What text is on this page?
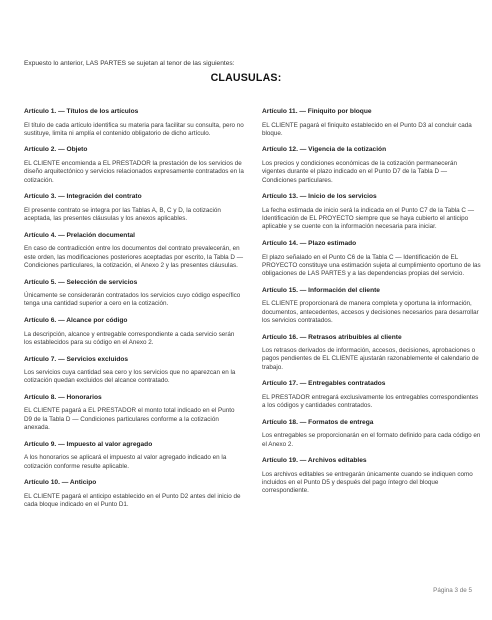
Expuesto lo anterior, LAS PARTES se sujetan al tenor de las siguientes:
CLAUSULAS:
Artículo 1. — Títulos de los artículos

El título de cada artículo identifica su materia para facilitar su consulta, pero no sustituye, limita ni amplía el contenido obligatorio de dicho artículo.

Artículo 2. — Objeto

EL CLIENTE encomienda a EL PRESTADOR la prestación de los servicios de diseño arquitectónico y servicios relacionados expresamente contratados en la cotización.

Artículo 3. — Integración del contrato

El presente contrato se integra por las Tablas A, B, C y D, la cotización aceptada, las presentes cláusulas y los anexos aplicables.

Artículo 4. — Prelación documental

En caso de contradicción entre los documentos del contrato prevalecerán, en este orden, las modificaciones posteriores aceptadas por escrito, la Tabla D — Condiciones particulares, la cotización, el Anexo 2 y las presentes cláusulas.

Artículo 5. — Selección de servicios

Únicamente se considerarán contratados los servicios cuyo código específico tenga una cantidad superior a cero en la cotización.

Artículo 6. — Alcance por código

La descripción, alcance y entregable correspondiente a cada servicio serán los establecidos para su código en el Anexo 2.

Artículo 7. — Servicios excluidos

Los servicios cuya cantidad sea cero y los servicios que no aparezcan en la cotización quedan excluidos del alcance contratado.

Artículo 8. — Honorarios

EL CLIENTE pagará a EL PRESTADOR el monto total indicado en el Punto D9 de la Tabla D — Condiciones particulares conforme a la cotización anexada.

Artículo 9. — Impuesto al valor agregado

A los honorarios se aplicará el impuesto al valor agregado indicado en la cotización conforme resulte aplicable.

Artículo 10. — Anticipo

EL CLIENTE pagará el anticipo establecido en el Punto D2 antes del inicio de cada bloque indicado en el Punto D1.

Artículo 11. — Finiquito por bloque

EL CLIENTE pagará el finiquito establecido en el Punto D3 al concluir cada bloque.

Artículo 12. — Vigencia de la cotización

Los precios y condiciones económicas de la cotización permanecerán vigentes durante el plazo indicado en el Punto D7 de la Tabla D — Condiciones particulares.

Artículo 13. — Inicio de los servicios

La fecha estimada de inicio será la indicada en el Punto C7 de la Tabla C — Identificación de EL PROYECTO siempre que se haya cubierto el anticipo aplicable y se cuente con la información necesaria para iniciar.

Artículo 14. — Plazo estimado

El plazo señalado en el Punto C6 de la Tabla C — Identificación de EL PROYECTO constituye una estimación sujeta al cumplimiento oportuno de las obligaciones de LAS PARTES y a las dependencias propias del servicio.

Artículo 15. — Información del cliente

EL CLIENTE proporcionará de manera completa y oportuna la información, documentos, antecedentes, accesos y decisiones necesarios para desarrollar los servicios contratados.

Artículo 16. — Retrasos atribuibles al cliente

Los retrasos derivados de información, accesos, decisiones, aprobaciones o pagos pendientes de EL CLIENTE ajustarán razonablemente el calendario de trabajo.

Artículo 17. — Entregables contratados

EL PRESTADOR entregará exclusivamente los entregables correspondientes a los códigos y cantidades contratados.

Artículo 18. — Formatos de entrega

Los entregables se proporcionarán en el formato definido para cada código en el Anexo 2.

Artículo 19. — Archivos editables

Los archivos editables se entregarán únicamente cuando se indiquen como incluidos en el Punto D5 y después del pago íntegro del bloque correspondiente.

Página 3 de 5
